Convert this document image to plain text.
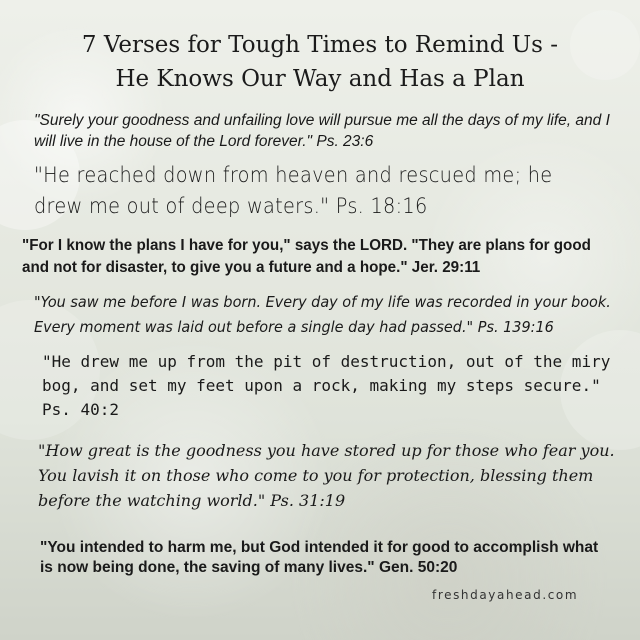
7 Verses for Tough Times to Remind Us -
He Knows Our Way and Has a Plan
"Surely your goodness and unfailing love will pursue me all the days of my life, and I will live in the house of the Lord forever." Ps. 23:6
"He reached down from heaven and rescued me; he drew me out of deep waters." Ps. 18:16
"For I know the plans I have for you," says the LORD. "They are plans for good and not for disaster, to give you a future and a hope." Jer. 29:11
"You saw me before I was born. Every day of my life was recorded in your book. Every moment was laid out before a single day had passed." Ps. 139:16
"He drew me up from the pit of destruction, out of the miry bog, and set my feet upon a rock, making my steps secure." Ps. 40:2
"How great is the goodness you have stored up for those who fear you. You lavish it on those who come to you for protection, blessing them before the watching world." Ps. 31:19
"You intended to harm me, but God intended it for good to accomplish what is now being done, the saving of many lives." Gen. 50:20
freshdayahead.com
